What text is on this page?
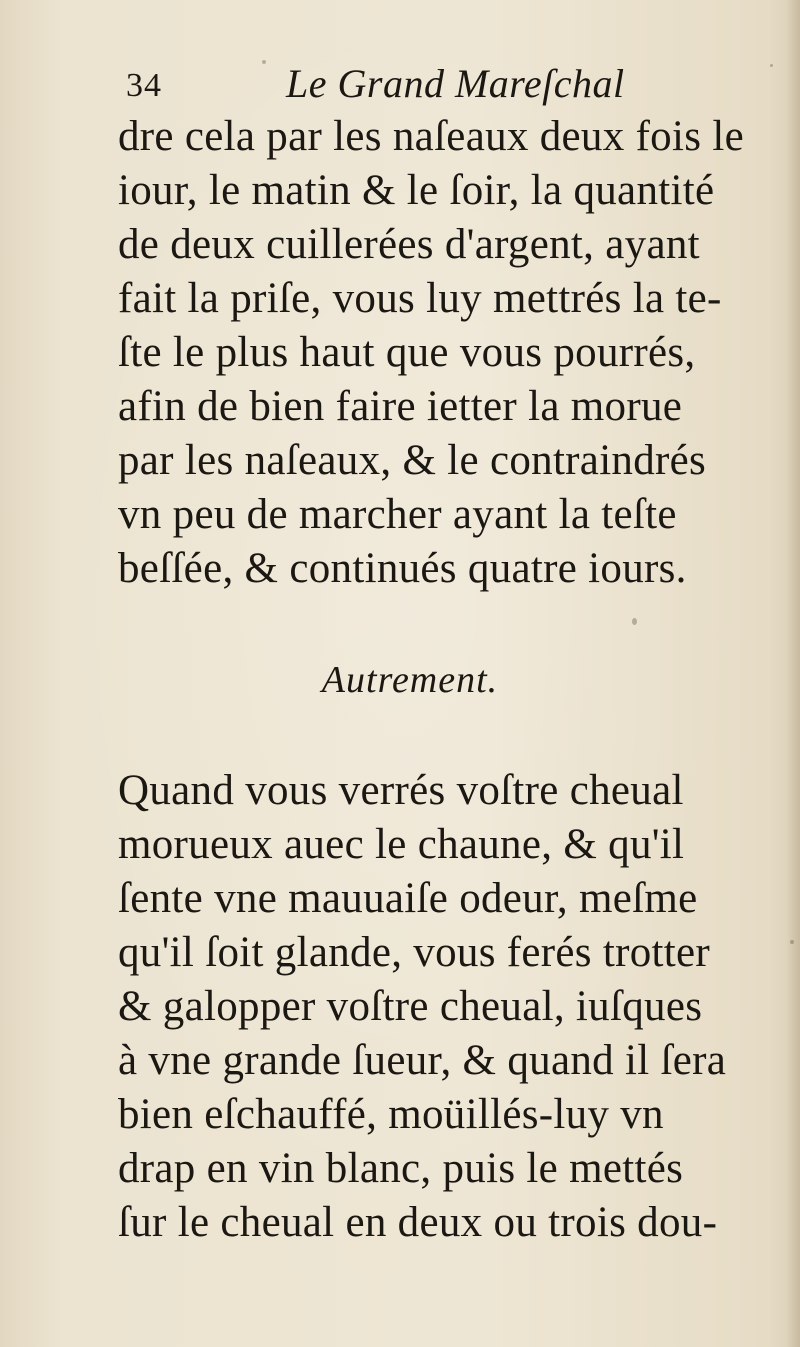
34	Le Grand Mareſchal
dre cela par les naſeaux deux fois le
iour, le matin & le ſoir, la quantité
de deux cuillerées d'argent, ayant
fait la priſe, vous luy mettrés la te-
ſte le plus haut que vous pourrés,
afin de bien faire ietter la morue
par les naſeaux, & le contraindrés
vn peu de marcher ayant la teſte
beſſée, & continués quatre iours.
Autrement.
Quand vous verrés voſtre cheual
morueux auec le chaune, & qu'il
ſente vne mauuaiſe odeur, meſme
qu'il ſoit glande, vous ferés trotter
& galopper voſtre cheual, iuſques
à vne grande ſueur, & quand il ſera
bien eſchauffé, moüillés-luy vn
drap en vin blanc, puis le mettés
ſur le cheual en deux ou trois dou-
